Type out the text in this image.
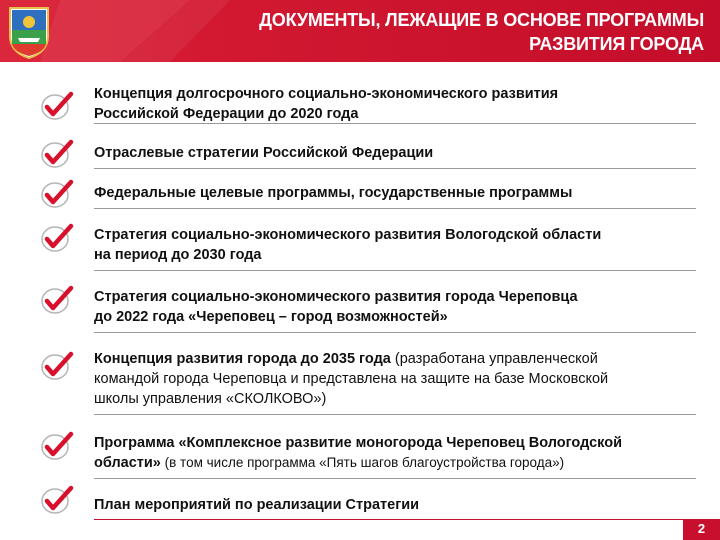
ДОКУМЕНТЫ, ЛЕЖАЩИЕ В ОСНОВЕ ПРОГРАММЫ
РАЗВИТИЯ ГОРОДА
Концепция долгосрочного социально-экономического развития
Российской Федерации до 2020 года
Отраслевые стратегии Российской Федерации
Федеральные целевые программы, государственные программы
Стратегия социально-экономического развития Вологодской области
на период до 2030 года
Стратегия социально-экономического развития города Череповца
до 2022 года «Череповец – город возможностей»
Концепция развития города до 2035 года (разработана управленческой
командой города Череповца и представлена на защите на базе Московской
школы управления «СКОЛКОВО»)
Программа «Комплексное развитие моногорода Череповец Вологодской
области» (в том числе программа «Пять шагов благоустройства города»)
План мероприятий по реализации Стратегии
2
